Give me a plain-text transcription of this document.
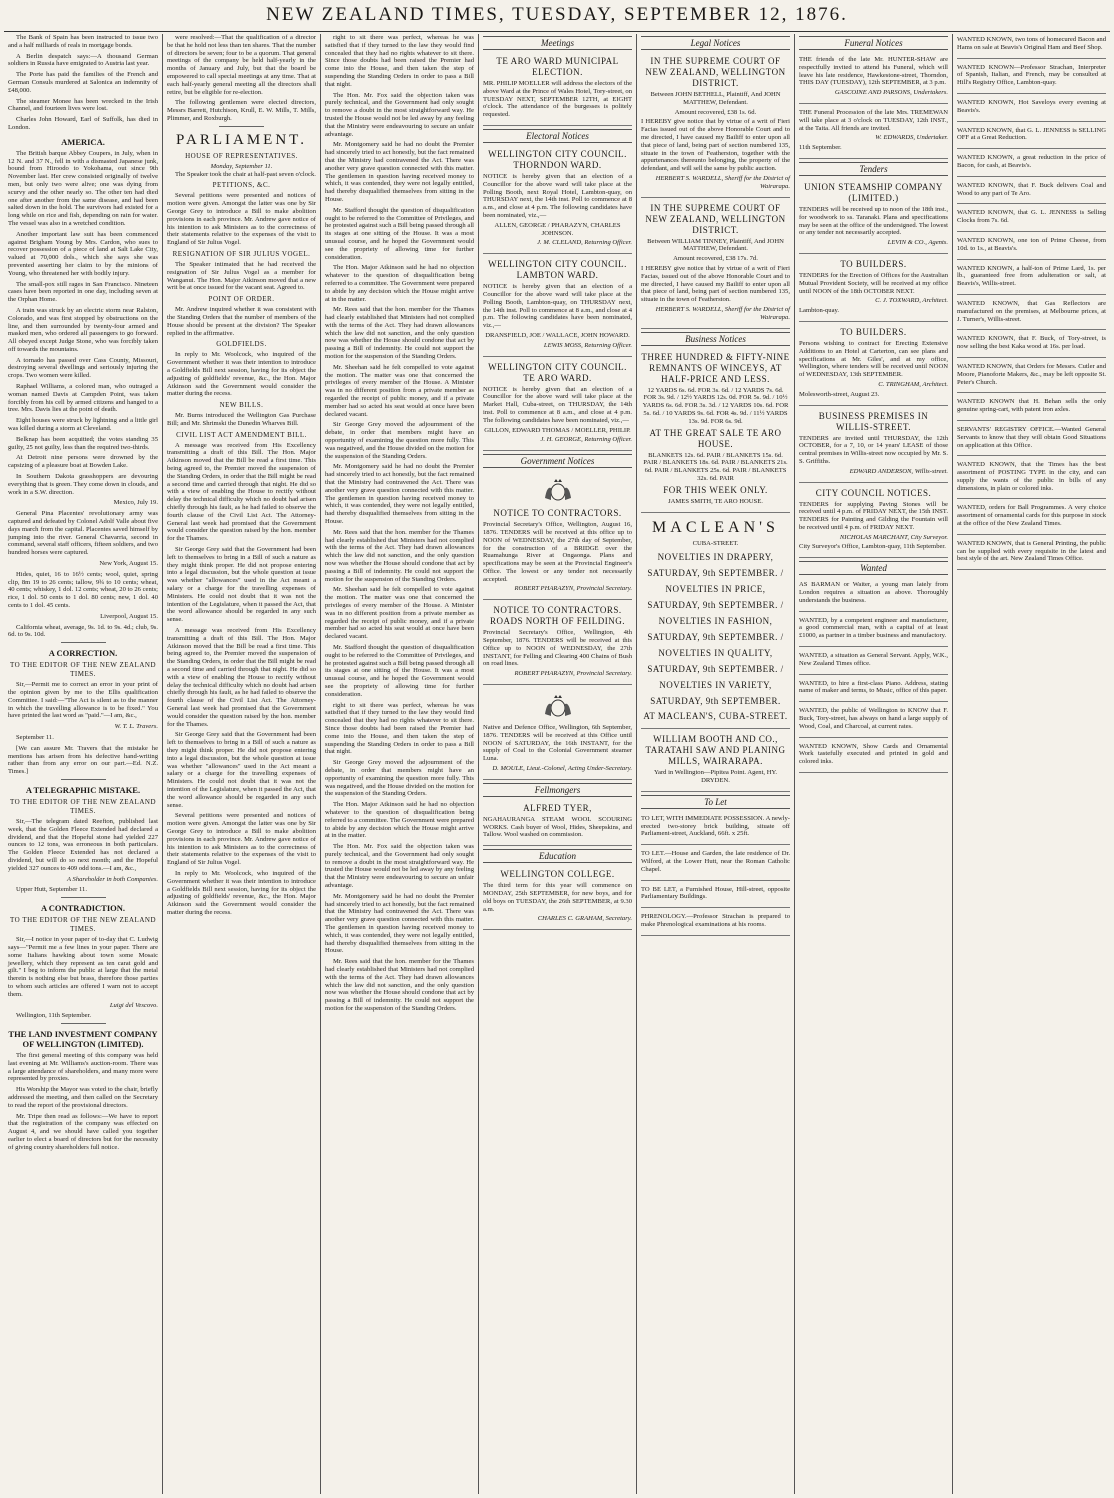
NEW ZEALAND TIMES, TUESDAY, SEPTEMBER 12, 1876.

The Bank of Spain has been instructed to issue two and a half milliards of reals in mortgage bonds.

A Berlin despatch says:—A thousand German soldiers in Russia have emigrated to Austria last year.

The Porte has paid the families of the French and German Consuls murdered at Salonica an indemnity of £48,000.

The steamer Monee has been wrecked in the Irish Channel, and fourteen lives were lost.

Charles John Howard, Earl of Suffolk, has died in London.

AMERICA.

The British barque Abbey Coupers, in July, when in 12 N. and 37 N., fell in with a dismasted Japanese junk, bound from Hiroodo to Yokohama, out since 9th November last. Her crew consisted originally of twelve men, but only two were alive; one was dying from scurvy and the other nearly so. The other ten had died one after another from the same disease, and had been salted down in the hold. The survivors had existed for a long while on rice and fish, depending on rain for water. The vessel was also in a wretched condition.

Another important law suit has been commenced against Brigham Young by Mrs. Cardon, who sues to recover possession of a piece of land at Salt Lake City, valued at 70,000 dols., which she says she was prevented asserting her claim to by the minions of Young, who threatened her with bodily injury.

The small-pox still rages in San Francisco. Nineteen cases have been reported in one day, including seven at the Orphan Home.

A train was struck by an electric storm near Ralston, Colorado, and was first stopped by obstructions on the line, and then surrounded by twenty-four armed and masked men, who ordered all passengers to go forward. All obeyed except Judge Stone, who was forcibly taken off towards the mountains.

A tornado has passed over Cass County, Missouri, destroying several dwellings and seriously injuring the crops. Two women were killed.

Raphael Williams, a colored man, who outraged a woman named Davis at Campden Point, was taken forcibly from his cell by armed citizens and hanged to a tree. Mrs. Davis lies at the point of death.

Eight houses were struck by lightning and a little girl was killed during a storm at Cleveland.

Belknap has been acquitted; the votes standing 35 guilty, 25 not guilty, less than the required two-thirds.

At Detroit nine persons were drowned by the capsizing of a pleasure boat at Bowden Lake.

In Southern Dakota grasshoppers are devouring everything that is green. They come down in clouds, and work in a S.W. direction.

Mexico, July 19.

General Pina Placentes' revolutionary army was captured and defeated by Colonel Adolf Valle about five days march from the capital. Placentes saved himself by jumping into the river. General Chavarria, second in command, several staff officers, fifteen soldiers, and two hundred horses were captured.

New York, August 15.

Hides, quiet, 16 to 16½ cents; wool, quiet, spring clip, 8m 19 to 26 cents; tallow, 9¾ to 10 cents; wheat, 40 cents; whiskey, 1 dol. 12 cents; wheat, 20 to 26 cents; rice, 1 dol. 50 cents to 1 dol. 80 cents; new, 1 dol. 40 cents to 1 dol. 45 cents.

Liverpool, August 15.

California wheat, average, 9s. 1d. to 9s. 4d.; club, 9s. 6d. to 9s. 10d.

A CORRECTION.
TO THE EDITOR OF THE NEW ZEALAND TIMES.

Sir,—Permit me to correct an error in your print of the opinion given by me to the Ellis qualification Committee. I said:—"The Act is silent as to the manner in which the travelling allowance is to be fixed." You have printed the last word as "paid."—I am, &c.,

W. T. L. Travers.

September 11.

[We can assure Mr. Travers that the mistake he mentions has arisen from his defective hand-writing rather than from any error on our part.—Ed. N.Z. Times.]

A TELEGRAPHIC MISTAKE.
TO THE EDITOR OF THE NEW ZEALAND TIMES.

Sir,—The telegram dated Reefton, published last week, that the Golden Fleece Extended had declared a dividend, and that the Hopeful stone had yielded 227 ounces to 12 tons, was erroneous in both particulars. The Golden Fleece Extended has not declared a dividend, but will do so next month; and the Hopeful yielded 327 ounces to 409 odd tons.—I am, &c.,

A Shareholder in both Companies.

Upper Hutt, September 11.

A CONTRADICTION.
TO THE EDITOR OF THE NEW ZEALAND TIMES.

Sir,—I notice in your paper of to-day that C. Ludwig says—"Permit me a few lines in your paper. There are some Italians hawking about town some Mosaic jewellery, which they represent as ten carat gold and gilt." I beg to inform the public at large that the metal therein is nothing else but brass, therefore those parties to whom such articles are offered I warn not to accept them.

Luigi del Vescovo.

Wellington, 11th September.

THE LAND INVESTMENT COMPANY OF WELLINGTON (LIMITED).

The first general meeting of this company was held last evening at Mr. Williams's auction-room. There was a large attendance of shareholders, and many more were represented by proxies.

His Worship the Mayor was voted to the chair, briefly addressed the meeting, and then called on the Secretary to read the report of the provisional directors.

Mr. Tripe then read as follows:—We have to report that the registration of the company was effected on August 4, and we should have called you together earlier to elect a board of directors but for the necessity of giving country shareholders full notice.

were resolved:—That the qualification of a director be that he hold not less than ten shares. That the number of directors be seven; four to be a quorum. That general meetings of the company be held half-yearly in the months of January and July, but that the board be empowered to call special meetings at any time. That at each half-yearly general meeting all the directors shall retire, but be eligible for re-election.

The following gentlemen were elected directors, Messrs Barrett, Hutchison, Krull, E. W. Mills, T. Mills, Plimmer, and Roxburgh.

PARLIAMENT.
HOUSE OF REPRESENTATIVES.
Monday, September 11.

The Speaker took the chair at half-past seven o'clock.

PETITIONS, &C.

Several petitions were presented and notices of motion were given. Amongst the latter was one by Sir George Grey to introduce a Bill to make abolition provisions in each province. Mr. Andrew gave notice of his intention to ask Ministers as to the correctness of their statements relative to the expenses of the visit to England of Sir Julius Vogel.

RESIGNATION OF SIR JULIUS VOGEL.

The Speaker intimated that he had received the resignation of Sir Julius Vogel as a member for Wanganui. The Hon. Major Atkinson moved that a new writ be at once issued for the vacant seat. Agreed to.

POINT OF ORDER.

Mr. Andrew inquired whether it was consistent with the Standing Orders that the number of members of the House should be present at the division? The Speaker replied in the affirmative.

GOLDFIELDS.

In reply to Mr. Woolcock, who inquired of the Government whether it was their intention to introduce a Goldfields Bill next session, having for its object the adjusting of goldfields' revenue, &c., the Hon. Major Atkinson said the Government would consider the matter during the recess.

NEW BILLS.

Mr. Burns introduced the Wellington Gas Purchase Bill; and Mr. Shrimski the Dunedin Wharves Bill.

CIVIL LIST ACT AMENDMENT BILL.

A message was received from His Excellency transmitting a draft of this Bill. The Hon. Major Atkinson moved that the Bill be read a first time. This being agreed to, the Premier moved the suspension of the Standing Orders, in order that the Bill might be read a second time and carried through that night. He did so with a view of enabling the House to rectify without delay the technical difficulty which no doubt had arisen chiefly through his fault, as he had failed to observe the fourth clause of the Civil List Act. The Attorney-General last week had promised that the Government would consider the question raised by the hon. member for the Thames.

Sir George Grey said that the Government had been left to themselves to bring in a Bill of such a nature as they might think proper. He did not propose entering into a legal discussion, but the whole question at issue was whether "allowances" used in the Act meant a salary or a charge for the travelling expenses of Ministers. He could not doubt that it was not the intention of the Legislature, when it passed the Act, that the word allowance should be regarded in any such sense.

A message was received from His Excellency transmitting a draft of this Bill. The Hon. Major Atkinson moved that the Bill be read a first time. This being agreed to, the Premier moved the suspension of the Standing Orders, in order that the Bill might be read a second time and carried through that night. He did so with a view of enabling the House to rectify without delay the technical difficulty which no doubt had arisen chiefly through his fault, as he had failed to observe the fourth clause of the Civil List Act. The Attorney-General last week had promised that the Government would consider the question raised by the hon. member for the Thames.

Sir George Grey said that the Government had been left to themselves to bring in a Bill of such a nature as they might think proper. He did not propose entering into a legal discussion, but the whole question at issue was whether "allowances" used in the Act meant a salary or a charge for the travelling expenses of Ministers. He could not doubt that it was not the intention of the Legislature, when it passed the Act, that the word allowance should be regarded in any such sense.

Several petitions were presented and notices of motion were given. Amongst the latter was one by Sir George Grey to introduce a Bill to make abolition provisions in each province. Mr. Andrew gave notice of his intention to ask Ministers as to the correctness of their statements relative to the expenses of the visit to England of Sir Julius Vogel.

In reply to Mr. Woolcock, who inquired of the Government whether it was their intention to introduce a Goldfields Bill next session, having for its object the adjusting of goldfields' revenue, &c., the Hon. Major Atkinson said the Government would consider the matter during the recess.

right to sit there was perfect, whereas he was satisfied that if they turned to the law they would find concealed that they had no rights whatever to sit there. Since those doubts had been raised the Premier had come into the House, and then taken the step of suspending the Standing Orders in order to pass a Bill that night.

The Hon. Mr. Fox said the objection taken was purely technical, and the Government had only sought to remove a doubt in the most straightforward way. He trusted the House would not be led away by any feeling that the Ministry were endeavouring to secure an unfair advantage.

Mr. Montgomery said he had no doubt the Premier had sincerely tried to act honestly, but the fact remained that the Ministry had contravened the Act. There was another very grave question connected with this matter. The gentlemen in question having received money to which, it was contended, they were not legally entitled, had thereby disqualified themselves from sitting in the House.

Mr. Stafford thought the question of disqualification ought to be referred to the Committee of Privileges, and he protested against such a Bill being passed through all its stages at one sitting of the House. It was a most unusual course, and he hoped the Government would see the propriety of allowing time for further consideration.

The Hon. Major Atkinson said he had no objection whatever to the question of disqualification being referred to a committee. The Government were prepared to abide by any decision which the House might arrive at in the matter.

Mr. Rees said that the hon. member for the Thames had clearly established that Ministers had not complied with the terms of the Act. They had drawn allowances which the law did not sanction, and the only question now was whether the House should condone that act by passing a Bill of indemnity. He could not support the motion for the suspension of the Standing Orders.

Mr. Sheehan said he felt compelled to vote against the motion. The matter was one that concerned the privileges of every member of the House. A Minister was in no different position from a private member as regarded the receipt of public money, and if a private member had so acted his seat would at once have been declared vacant.

Sir George Grey moved the adjournment of the debate, in order that members might have an opportunity of examining the question more fully. This was negatived, and the House divided on the motion for the suspension of the Standing Orders.

Mr. Montgomery said he had no doubt the Premier had sincerely tried to act honestly, but the fact remained that the Ministry had contravened the Act. There was another very grave question connected with this matter. The gentlemen in question having received money to which, it was contended, they were not legally entitled, had thereby disqualified themselves from sitting in the House.

Mr. Rees said that the hon. member for the Thames had clearly established that Ministers had not complied with the terms of the Act. They had drawn allowances which the law did not sanction, and the only question now was whether the House should condone that act by passing a Bill of indemnity. He could not support the motion for the suspension of the Standing Orders.

Mr. Sheehan said he felt compelled to vote against the motion. The matter was one that concerned the privileges of every member of the House. A Minister was in no different position from a private member as regarded the receipt of public money, and if a private member had so acted his seat would at once have been declared vacant.

Mr. Stafford thought the question of disqualification ought to be referred to the Committee of Privileges, and he protested against such a Bill being passed through all its stages at one sitting of the House. It was a most unusual course, and he hoped the Government would see the propriety of allowing time for further consideration.

right to sit there was perfect, whereas he was satisfied that if they turned to the law they would find concealed that they had no rights whatever to sit there. Since those doubts had been raised the Premier had come into the House, and then taken the step of suspending the Standing Orders in order to pass a Bill that night.

Sir George Grey moved the adjournment of the debate, in order that members might have an opportunity of examining the question more fully. This was negatived, and the House divided on the motion for the suspension of the Standing Orders.

The Hon. Major Atkinson said he had no objection whatever to the question of disqualification being referred to a committee. The Government were prepared to abide by any decision which the House might arrive at in the matter.

The Hon. Mr. Fox said the objection taken was purely technical, and the Government had only sought to remove a doubt in the most straightforward way. He trusted the House would not be led away by any feeling that the Ministry were endeavouring to secure an unfair advantage.

Mr. Montgomery said he had no doubt the Premier had sincerely tried to act honestly, but the fact remained that the Ministry had contravened the Act. There was another very grave question connected with this matter. The gentlemen in question having received money to which, it was contended, they were not legally entitled, had thereby disqualified themselves from sitting in the House.

Mr. Rees said that the hon. member for the Thames had clearly established that Ministers had not complied with the terms of the Act. They had drawn allowances which the law did not sanction, and the only question now was whether the House should condone that act by passing a Bill of indemnity. He could not support the motion for the suspension of the Standing Orders.

Meetings

TE ARO WARD MUNICIPAL ELECTION.

MR. PHILIP MOELLER will address the electors of the above Ward at the Prince of Wales Hotel, Tory-street, on TUESDAY NEXT, SEPTEMBER 12TH, at EIGHT o'clock. The attendance of the burgesses is politely requested.

Electoral Notices

WELLINGTON CITY COUNCIL. THORNDON WARD.

NOTICE is hereby given that an election of a Councillor for the above ward will take place at the Polling Booth, next Royal Hotel, Lambton-quay, on THURSDAY next, the 14th inst. Poll to commence at 8 a.m., and close at 4 p.m. The following candidates have been nominated, viz.,—

ALLEN, GEORGE / PHARAZYN, CHARLES JOHNSON.

J. M. CLELAND, Returning Officer.

WELLINGTON CITY COUNCIL. LAMBTON WARD.

NOTICE is hereby given that an election of a Councillor for the above ward will take place at the Polling Booth, Lambton-quay, on THURSDAY next, the 14th inst. Poll to commence at 8 a.m., and close at 4 p.m. The following candidates have been nominated, viz.,—

DRANSFIELD, JOE / WALLACE, JOHN HOWARD.

LEWIS MOSS, Returning Officer.

WELLINGTON CITY COUNCIL. TE ARO WARD.

NOTICE is hereby given that an election of a Councillor for the above ward will take place at the Market Hall, Cuba-street, on THURSDAY, the 14th inst. Poll to commence at 8 a.m., and close at 4 p.m. The following candidates have been nominated, viz.,—

GILLON, EDWARD THOMAS / MOELLER, PHILIP.

J. H. GEORGE, Returning Officer.

Government Notices

NOTICE TO CONTRACTORS.

Provincial Secretary's Office, Wellington, August 16, 1876. TENDERS will be received at this office up to NOON of WEDNESDAY, the 27th day of September, for the construction of a BRIDGE over the Ruamahunga River at Ongaonga. Plans and specifications may be seen at the Provincial Engineer's Office. The lowest or any tender not necessarily accepted.

ROBERT PHARAZYN, Provincial Secretary.

NOTICE TO CONTRACTORS. ROADS NORTH OF FEILDING.

Provincial Secretary's Office, Wellington, 4th September, 1876. TENDERS will be received at this Office up to NOON of WEDNESDAY, the 27th INSTANT, for Felling and Clearing 400 Chains of Bush on road lines.

ROBERT PHARAZYN, Provincial Secretary.

Native and Defence Office, Wellington, 6th September, 1876. TENDERS will be received at this Office until NOON of SATURDAY, the 16th INSTANT, for the supply of Coal to the Colonial Government steamer Luna.

D. MOULE, Lieut.-Colonel, Acting Under-Secretary.

Fellmongers

ALFRED TYER,

NGAHAURANGA STEAM WOOL SCOURING WORKS. Cash buyer of Wool, Hides, Sheepskins, and Tallow. Wool washed on commission.

Education

WELLINGTON COLLEGE.

The third term for this year will commence on MONDAY, 25th SEPTEMBER, for new boys, and for old boys on TUESDAY, the 26th SEPTEMBER, at 9.30 a.m.

CHARLES C. GRAHAM, Secretary.

Legal Notices

IN THE SUPREME COURT OF NEW ZEALAND, WELLINGTON DISTRICT.

Between JOHN BETHELL, Plaintiff, And JOHN MATTHEW, Defendant.

Amount recovered, £38 1s. 6d.

I HEREBY give notice that by virtue of a writ of Fieri Facias issued out of the above Honorable Court and to me directed, I have caused my Bailiff to enter upon all that piece of land, being part of section numbered 135, situate in the town of Featherston, together with the appurtenances thereunto belonging, the property of the defendant, and will sell the same by public auction.

HERBERT S. WARDELL, Sheriff for the District of Wairarapa.

IN THE SUPREME COURT OF NEW ZEALAND, WELLINGTON DISTRICT.

Between WILLIAM TINNEY, Plaintiff, And JOHN MATTHEW, Defendant.

Amount recovered, £38 17s. 7d.

I HEREBY give notice that by virtue of a writ of Fieri Facias, issued out of the above Honorable Court and to me directed, I have caused my Bailiff to enter upon all that piece of land, being part of section numbered 135, situate in the town of Featherston.

HERBERT S. WARDELL, Sheriff for the District of Wairarapa.

Business Notices

THREE HUNDRED & FIFTY-NINE REMNANTS OF WINCEYS, AT HALF-PRICE AND LESS.

12 YARDS 6s. 6d. FOR 3s. 6d. / 12 YARDS 7s. 6d. FOR 3s. 9d. / 12½ YARDS 12s. 0d. FOR 5s. 9d. / 10½ YARDS 6s. 6d. FOR 3s. 3d. / 12 YARDS 10s. 6d. FOR 5s. 6d. / 10 YARDS 9s. 6d. FOR 4s. 9d. / 11½ YARDS 13s. 9d. FOR 6s. 9d.

AT THE GREAT SALE TE ARO HOUSE.

BLANKETS 12s. 6d. PAIR / BLANKETS 15s. 6d. PAIR / BLANKETS 18s. 6d. PAIR / BLANKETS 21s. 6d. PAIR / BLANKETS 25s. 6d. PAIR / BLANKETS 32s. 6d. PAIR

FOR THIS WEEK ONLY.

JAMES SMITH, TE ARO HOUSE.

MACLEAN'S

CUBA-STREET.

NOVELTIES IN DRAPERY, SATURDAY, 9th SEPTEMBER. / NOVELTIES IN PRICE, SATURDAY, 9th SEPTEMBER. / NOVELTIES IN FASHION, SATURDAY, 9th SEPTEMBER. / NOVELTIES IN QUALITY, SATURDAY, 9th SEPTEMBER. / NOVELTIES IN VARIETY, SATURDAY, 9th SEPTEMBER.

AT MACLEAN'S, CUBA-STREET.

WILLIAM BOOTH AND CO., TARATAHI SAW AND PLANING MILLS, WAIRARAPA.

Yard in Wellington—Pipitea Point. Agent, HY. DRYDEN.

To Let

TO LET, WITH IMMEDIATE POSSESSION. A newly-erected two-storey brick building, situate off Parliament-street, Auckland, 66ft. x 25ft.

TO LET.—House and Garden, the late residence of Dr. Wilford, at the Lower Hutt, near the Roman Catholic Chapel.

TO BE LET, a Furnished House, Hill-street, opposite Parliamentary Buildings.

PHRENOLOGY.—Professor Strachan is prepared to make Phrenological examinations at his rooms.

Funeral Notices

THE friends of the late Mr. HUNTER-SHAW are respectfully invited to attend his Funeral, which will leave his late residence, Hawkestone-street, Thorndon, THIS DAY (TUESDAY), 12th SEPTEMBER, at 3 p.m.

GASCOINE AND PARSONS, Undertakers.

THE Funeral Procession of the late Mrs. TREMEWAN will take place at 3 o'clock on TUESDAY, 12th INST., at the Taita. All friends are invited.

W. EDWARDS, Undertaker.

11th September.

Tenders

UNION STEAMSHIP COMPANY (LIMITED.)

TENDERS will be received up to noon of the 18th inst., for woodwork to ss. Taranaki. Plans and specifications may be seen at the office of the undersigned. The lowest or any tender not necessarily accepted.

LEVIN & CO., Agents.

TO BUILDERS.

TENDERS for the Erection of Offices for the Australian Mutual Provident Society, will be received at my office until NOON of the 18th OCTOBER NEXT.

C. J. TOXWARD, Architect.

Lambton-quay.

TO BUILDERS.

Persons wishing to contract for Erecting Extensive Additions to an Hotel at Carterton, can see plans and specifications at Mr. Giles', and at my office, Wellington, where tenders will be received until NOON of WEDNESDAY, 13th SEPTEMBER.

C. TRINGHAM, Architect.

Molesworth-street, August 23.

BUSINESS PREMISES IN WILLIS-STREET.

TENDERS are invited until THURSDAY, the 12th OCTOBER, for a 7, 10, or 14 years' LEASE of those central premises in Willis-street now occupied by Mr. S. S. Griffiths.

EDWARD ANDERSON, Willis-street.

CITY COUNCIL NOTICES.

TENDERS for supplying Paving Stones will be received until 4 p.m. of FRIDAY NEXT, the 15th INST. TENDERS for Painting and Gilding the Fountain will be received until 4 p.m. of FRIDAY NEXT.

NICHOLAS MARCHANT, City Surveyor.

City Surveyor's Office, Lambton-quay, 11th September.

Wanted

AS BARMAN or Waiter, a young man lately from London requires a situation as above. Thoroughly understands the business.

WANTED, by a competent engineer and manufacturer, a good commercial man, with a capital of at least £1000, as partner in a timber business and manufactory.

WANTED, a situation as General Servant. Apply, W.K., New Zealand Times office.

WANTED, to hire a first-class Piano. Address, stating name of maker and terms, to Music, office of this paper.

WANTED, the public of Wellington to KNOW that F. Buck, Tory-street, has always on hand a large supply of Wood, Coal, and Charcoal, at current rates.

WANTED KNOWN, Show Cards and Ornamental Work tastefully executed and printed in gold and colored inks.

WANTED KNOWN, two tons of homecured Bacon and Hams on sale at Beavis's Original Ham and Beef Shop.

WANTED KNOWN—Professor Strachan, Interpreter of Spanish, Italian, and French, may be consulted at Hill's Registry Office, Lambton-quay.

WANTED KNOWN, Hot Saveloys every evening at Beavis's.

WANTED KNOWN, that G. L. JENNESS is SELLING OFF at a Great Reduction.

WANTED KNOWN, a great reduction in the price of Bacon, for cash, at Beavis's.

WANTED KNOWN, that F. Buck delivers Coal and Wood to any part of Te Aro.

WANTED KNOWN, that G. L. JENNESS is Selling Clocks from 7s. 6d.

WANTED KNOWN, one ton of Prime Cheese, from 10d. to 1s., at Beavis's.

WANTED KNOWN, a half-ton of Prime Lard, 1s. per lb., guaranteed free from adulteration or salt, at Beavis's, Willis-street.

WANTED KNOWN, that Gas Reflectors are manufactured on the premises, at Melbourne prices, at J. Turner's, Willis-street.

WANTED KNOWN, that F. Buck, of Tory-street, is now selling the best Kaka wood at 16s. per load.

WANTED KNOWN, that Orders for Messrs. Cutler and Moore, Pianoforte Makers, &c., may be left opposite St. Peter's Church.

WANTED KNOWN that H. Behan sells the only genuine spring-cart, with patent iron axles.

SERVANTS' REGISTRY OFFICE.—Wanted General Servants to know that they will obtain Good Situations on application at this Office.

WANTED KNOWN, that the Times has the best assortment of POSTING TYPE in the city, and can supply the wants of the public in bills of any dimensions, in plain or colored inks.

WANTED, orders for Ball Programmes. A very choice assortment of ornamental cards for this purpose in stock at the office of the New Zealand Times.

WANTED KNOWN, that is General Printing, the public can be supplied with every requisite in the latest and best style of the art. New Zealand Times Office.
